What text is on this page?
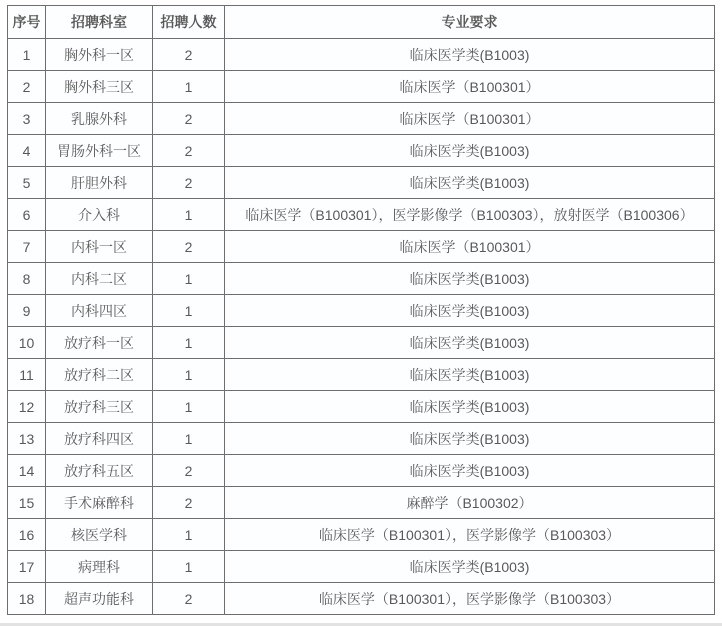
序号	招聘科室	招聘人数	专业要求
1	胸外科一区	2	临床医学类(B1003)
2	胸外科三区	1	临床医学（B100301）
3	乳腺外科	2	临床医学（B100301）
4	胃肠外科一区	2	临床医学类(B1003)
5	肝胆外科	2	临床医学类(B1003)
6	介入科	1	临床医学（B100301），医学影像学（B100303），放射医学（B100306）
7	内科一区	2	临床医学（B100301）
8	内科二区	1	临床医学类(B1003)
9	内科四区	1	临床医学类(B1003)
10	放疗科一区	1	临床医学类(B1003)
11	放疗科二区	1	临床医学类(B1003)
12	放疗科三区	1	临床医学类(B1003)
13	放疗科四区	1	临床医学类(B1003)
14	放疗科五区	2	临床医学类(B1003)
15	手术麻醉科	2	麻醉学（B100302）
16	核医学科	1	临床医学（B100301），医学影像学（B100303）
17	病理科	1	临床医学类(B1003)
18	超声功能科	2	临床医学（B100301），医学影像学（B100303）
